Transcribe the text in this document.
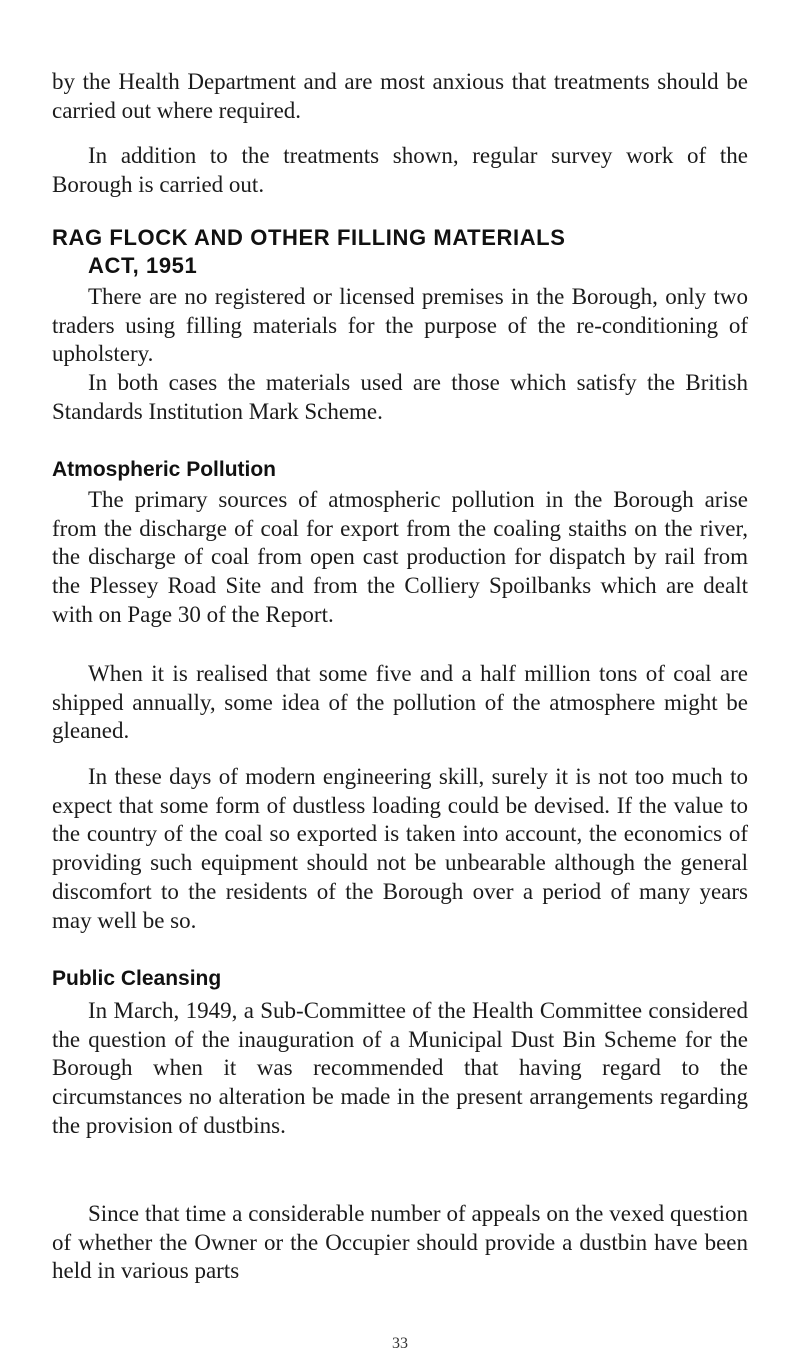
by the Health Department and are most anxious that treatments should be carried out where required.
In addition to the treatments shown, regular survey work of the Borough is carried out.
RAG FLOCK AND OTHER FILLING MATERIALS
ACT, 1951
There are no registered or licensed premises in the Borough, only two traders using filling materials for the purpose of the re-conditioning of upholstery.
In both cases the materials used are those which satisfy the British Standards Institution Mark Scheme.
Atmospheric Pollution
The primary sources of atmospheric pollution in the Borough arise from the discharge of coal for export from the coaling staiths on the river, the discharge of coal from open cast production for dispatch by rail from the Plessey Road Site and from the Colliery Spoilbanks which are dealt with on Page 30 of the Report.
When it is realised that some five and a half million tons of coal are shipped annually, some idea of the pollution of the atmosphere might be gleaned.
In these days of modern engineering skill, surely it is not too much to expect that some form of dustless loading could be devised. If the value to the country of the coal so exported is taken into account, the economics of providing such equipment should not be unbearable although the general discomfort to the residents of the Borough over a period of many years may well be so.
Public Cleansing
In March, 1949, a Sub-Committee of the Health Committee considered the question of the inauguration of a Municipal Dust Bin Scheme for the Borough when it was recommended that having regard to the circumstances no alteration be made in the present arrangements regarding the provision of dustbins.
Since that time a considerable number of appeals on the vexed question of whether the Owner or the Occupier should provide a dustbin have been held in various parts
33
